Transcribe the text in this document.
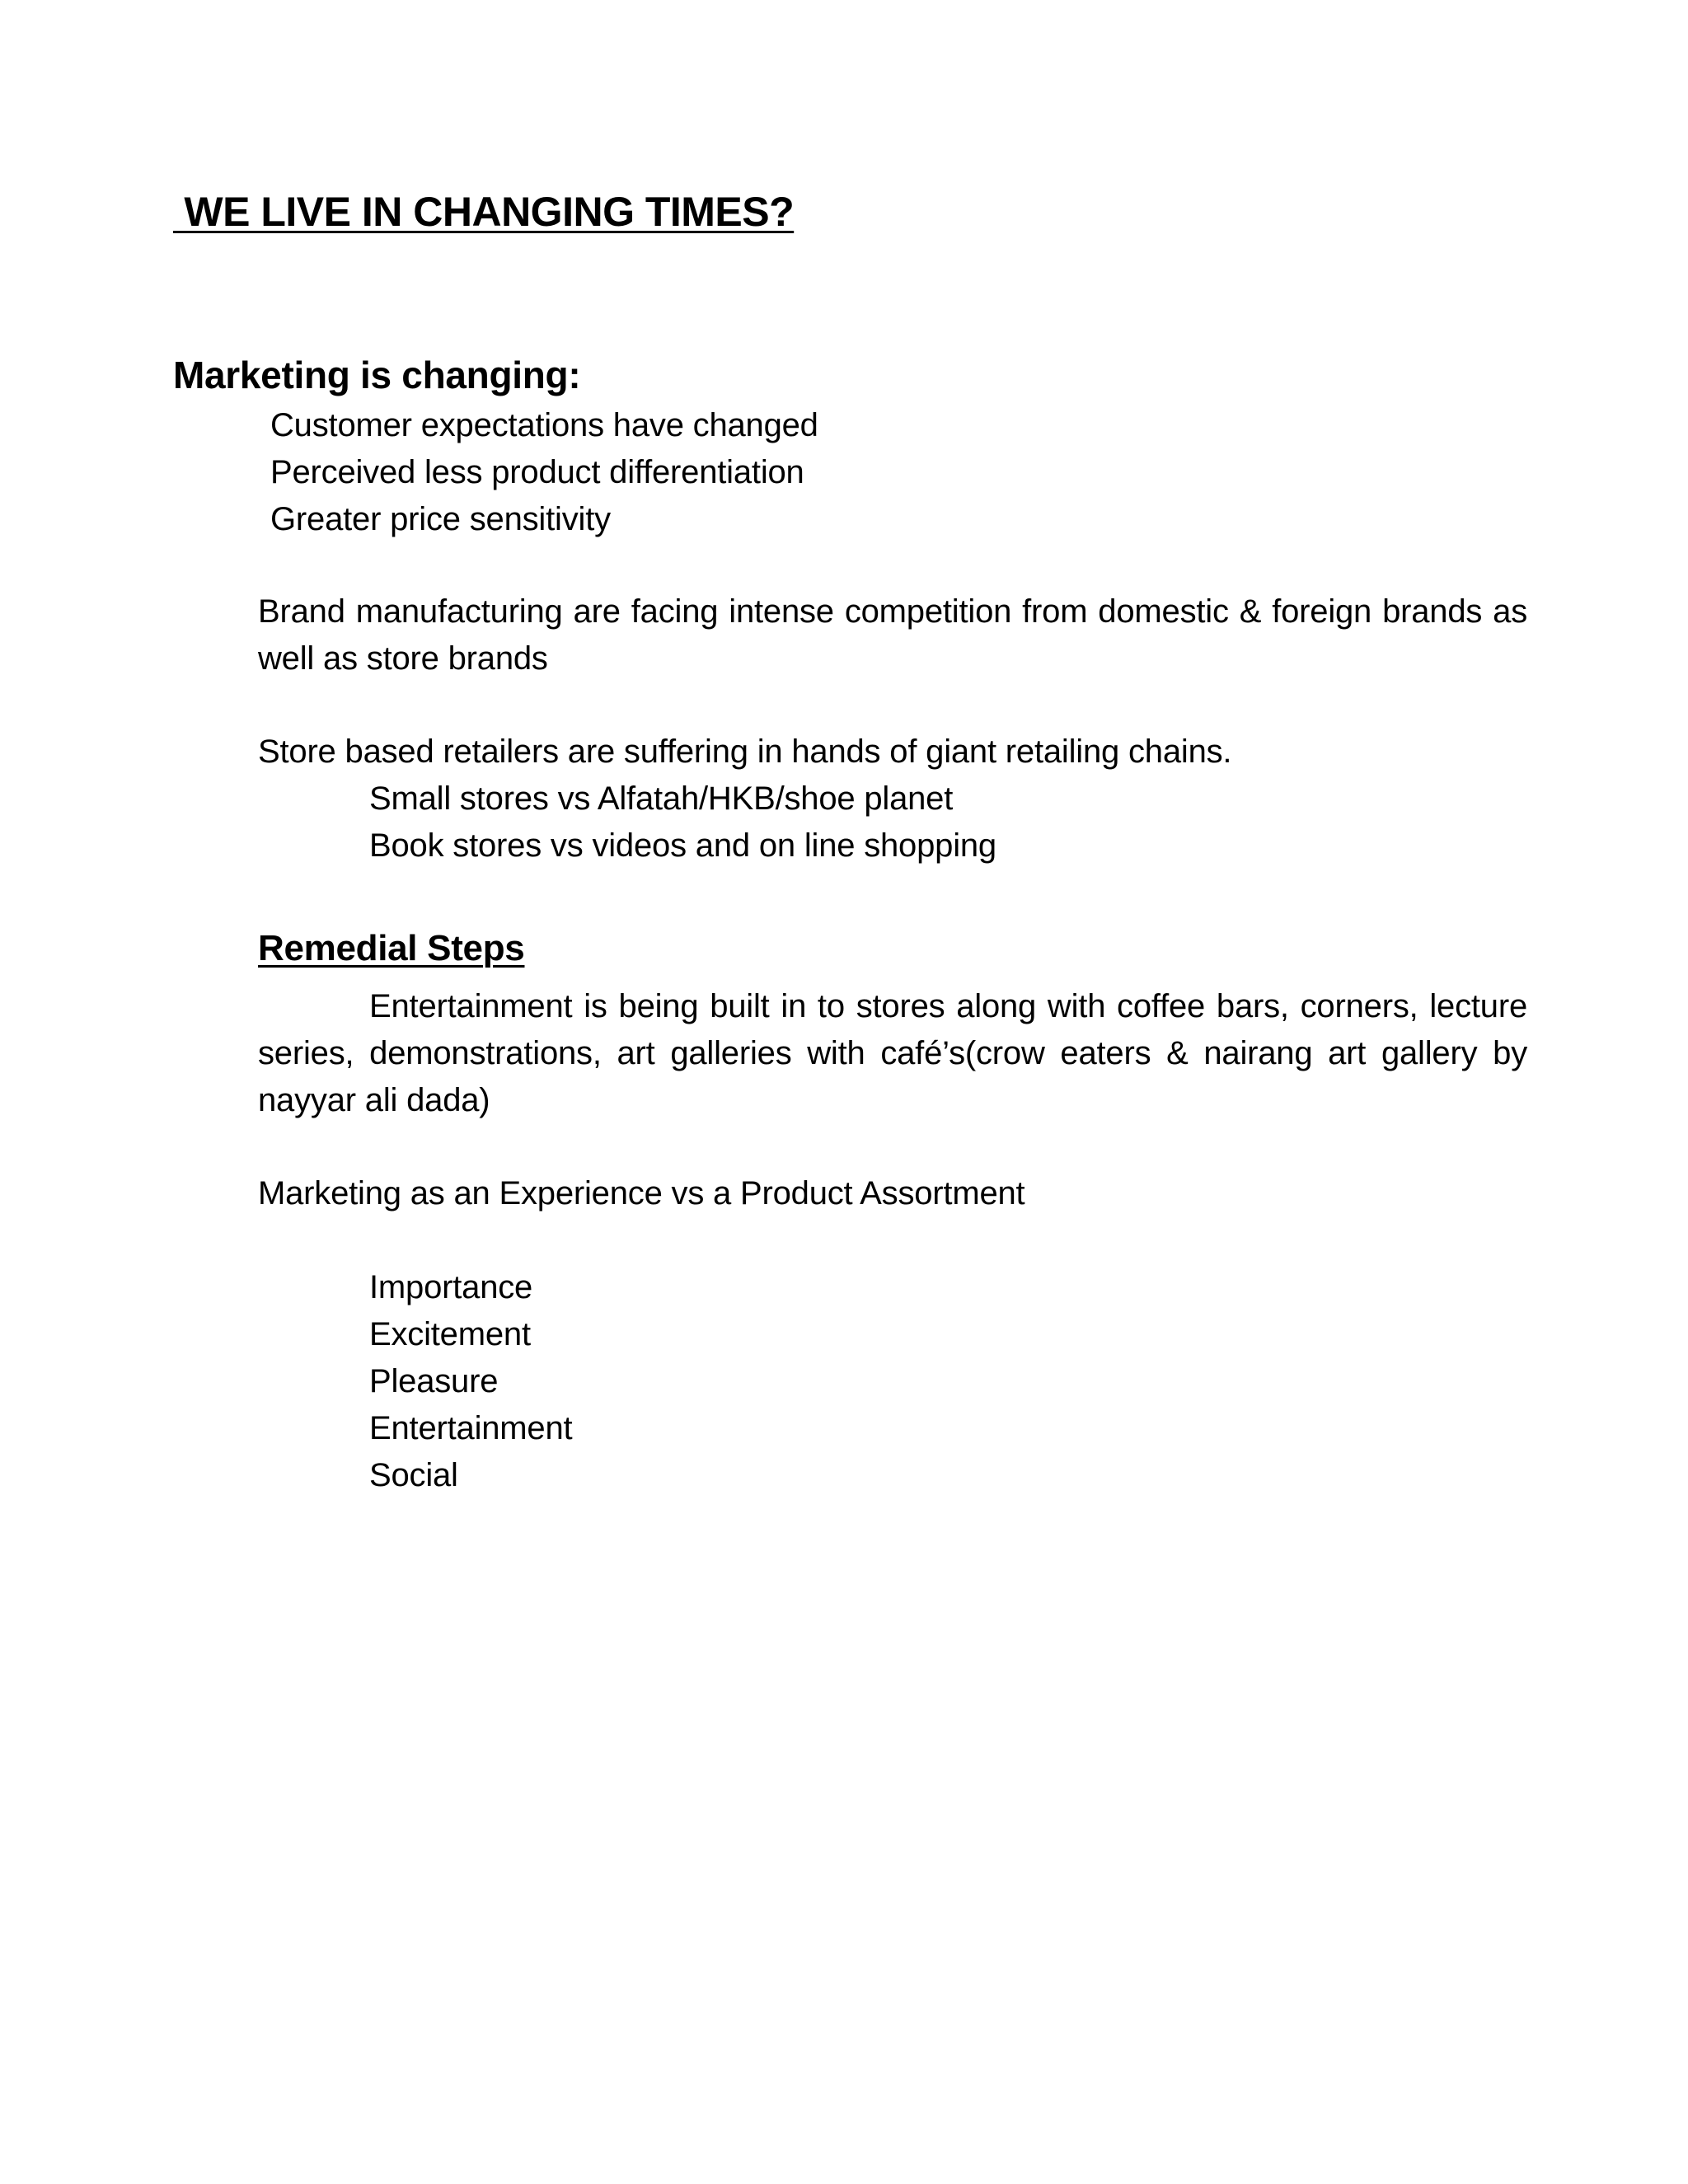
WE LIVE IN CHANGING TIMES?
Marketing is changing:
Customer expectations have changed
Perceived less product differentiation
Greater price sensitivity
Brand manufacturing are facing intense competition from domestic & foreign brands as well as store brands
Store based retailers are suffering in hands of giant retailing chains.
Small stores vs Alfatah/HKB/shoe planet
Book stores vs videos and on line shopping
Remedial Steps
Entertainment is being built in to stores along with coffee bars, corners, lecture series, demonstrations, art galleries with café’s(crow eaters & nairang art gallery by nayyar ali dada)
Marketing as an Experience vs a Product Assortment
Importance
Excitement
Pleasure
Entertainment
Social
